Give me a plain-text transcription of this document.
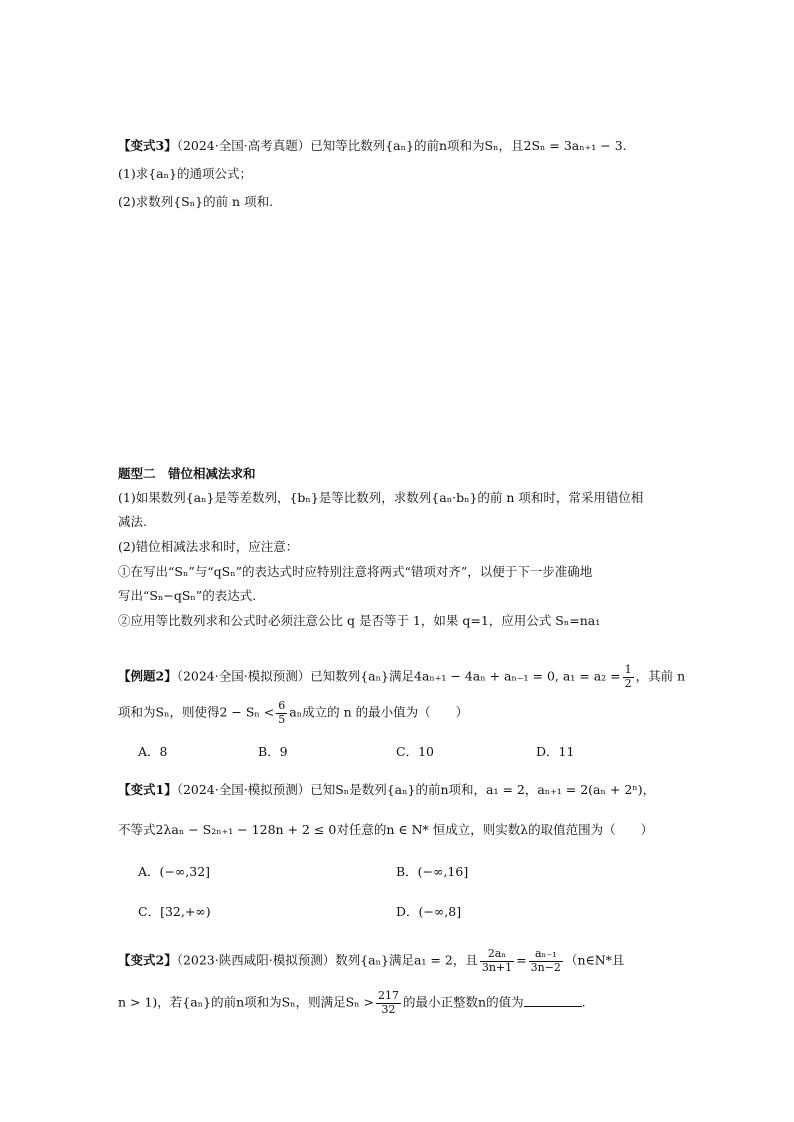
【变式3】（2024·全国·高考真题）已知等比数列{aₙ}的前n项和为Sₙ，且2Sₙ = 3aₙ₊₁ − 3.
(1)求{aₙ}的通项公式；
(2)求数列{Sₙ}的前 n 项和.
题型二　错位相减法求和
(1)如果数列{aₙ}是等差数列，{bₙ}是等比数列，求数列{aₙ·bₙ}的前 n 项和时，常采用错位相
减法.
(2)错位相减法求和时，应注意：
①在写出“Sₙ”与“qSₙ”的表达式时应特别注意将两式“错项对齐”，以便于下一步准确地
写出“Sₙ−qSₙ”的表达式.
②应用等比数列求和公式时必须注意公比 q 是否等于 1，如果 q=1，应用公式 Sₙ=na₁
【例题2】（2024·全国·模拟预测）已知数列{aₙ}满足4aₙ₊₁ − 4aₙ + aₙ₋₁ = 0, $a_1 = a_2 = \frac{1}{2}$ ，其前 n
项和为Sₙ，则使得$2 - S_n < \frac{6}{5}$ aₙ成立的 n 的最小值为（　　）
A．8	B．9	C．10	D．11
【变式1】（2024·全国·模拟预测）已知Sₙ是数列{aₙ}的前n项和，a₁ = 2，aₙ₊₁ = 2(aₙ + 2ⁿ)，
不等式2λaₙ − S₂ₙ₊₁ − 128n + 2 ≤ 0对任意的n ∈ N* 恒成立，则实数λ的取值范围为（　　）
A．(−∞,32]	B．(−∞,16]
C．[32,+∞)	D．(−∞,8]
【变式2】（2023·陕西咸阳·模拟预测）数列{aₙ}满足a₁ = 2，且 $\frac{\text{2aₙ}}{3n+1} = \frac{\text{aₙ₋₁}}{3n-2}$ （n∈N*且
n > 1)，若{aₙ}的前n项和为Sₙ，则满足$S_n > \frac{217}{32}$ 的最小正整数n的值为	.
